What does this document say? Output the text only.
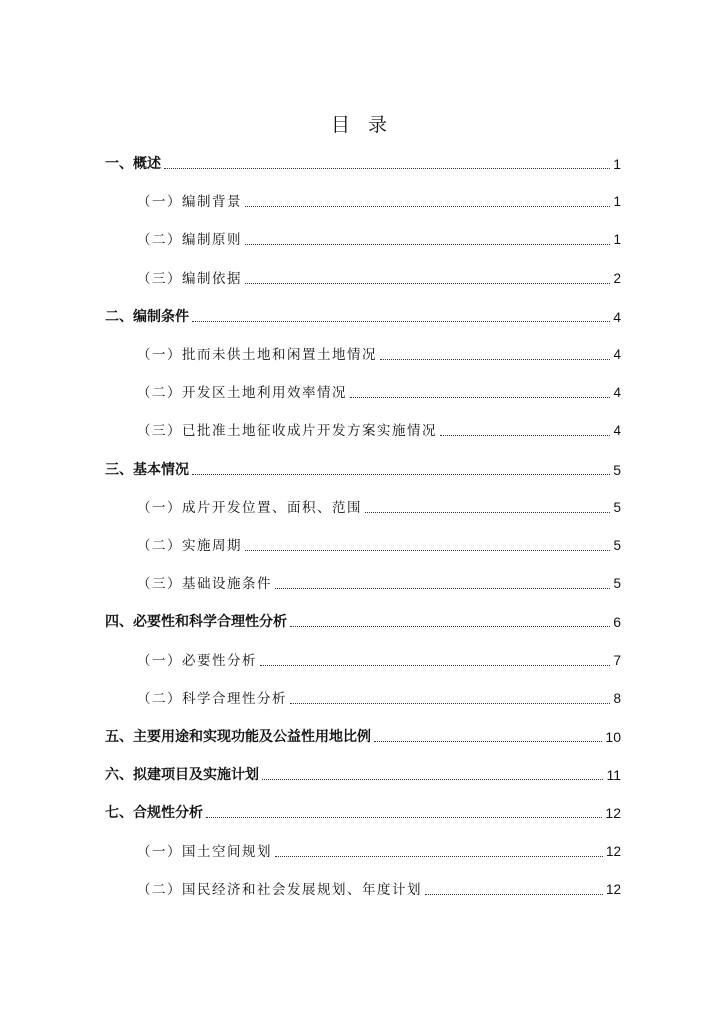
目 录
一、概述	1
（一）编制背景	1
（二）编制原则	1
（三）编制依据	2
二、编制条件	4
（一）批而未供土地和闲置土地情况	4
（二）开发区土地利用效率情况	4
（三）已批准土地征收成片开发方案实施情况	4
三、基本情况	5
（一）成片开发位置、面积、范围	5
（二）实施周期	5
（三）基础设施条件	5
四、必要性和科学合理性分析	6
（一）必要性分析	7
（二）科学合理性分析	8
五、主要用途和实现功能及公益性用地比例	10
六、拟建项目及实施计划	11
七、合规性分析	12
（一）国土空间规划	12
（二）国民经济和社会发展规划、年度计划	12
